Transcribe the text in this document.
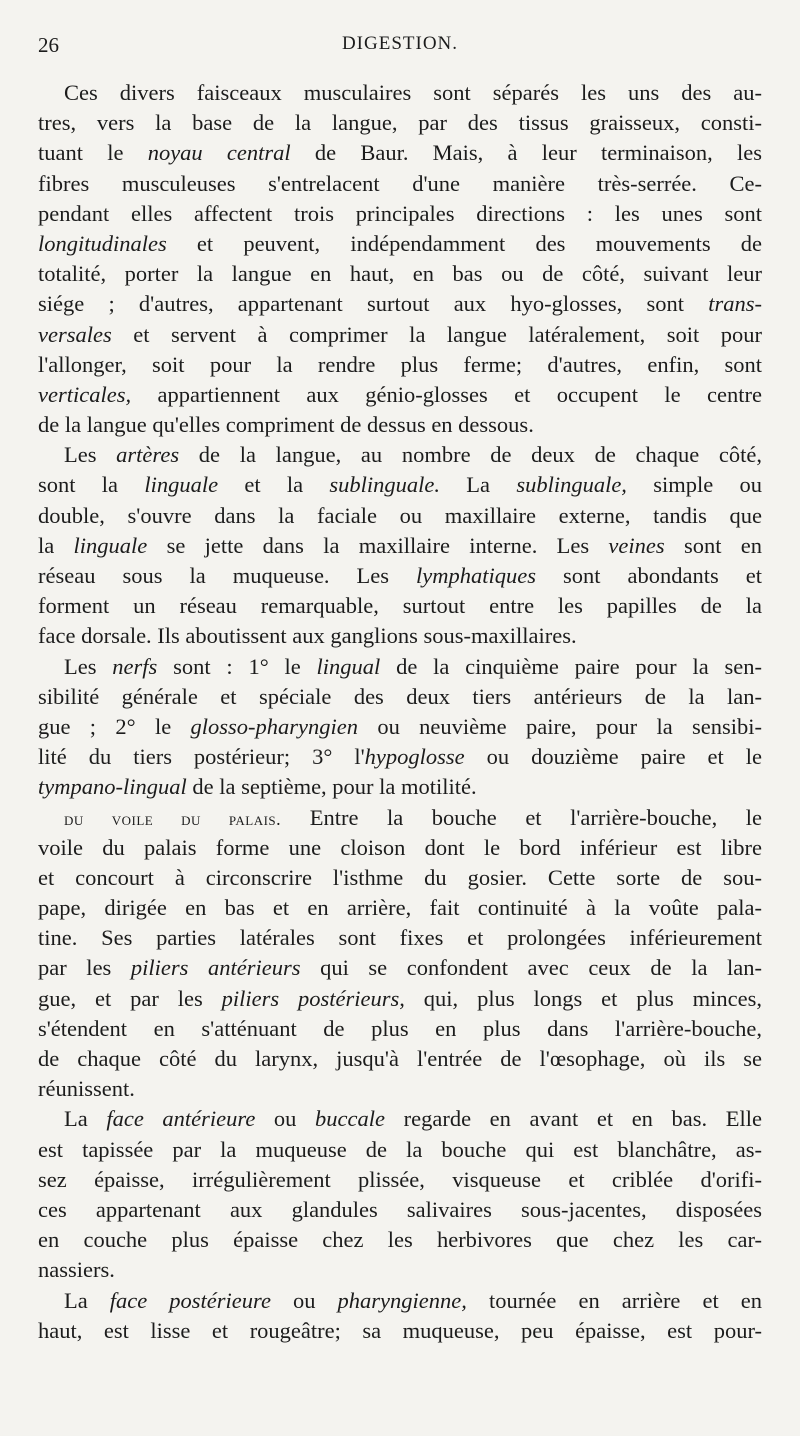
26	DIGESTION.
Ces divers faisceaux musculaires sont séparés les uns des au-
tres, vers la base de la langue, par des tissus graisseux, consti-
tuant le noyau central de Baur. Mais, à leur terminaison, les
fibres musculeuses s'entrelacent d'une manière très-serrée. Ce-
pendant elles affectent trois principales directions : les unes sont
longitudinales et peuvent, indépendamment des mouvements de
totalité, porter la langue en haut, en bas ou de côté, suivant leur
siége ; d'autres, appartenant surtout aux hyo-glosses, sont trans-
versales et servent à comprimer la langue latéralement, soit pour
l'allonger, soit pour la rendre plus ferme; d'autres, enfin, sont
verticales, appartiennent aux génio-glosses et occupent le centre
de la langue qu'elles compriment de dessus en dessous.
Les artères de la langue, au nombre de deux de chaque côté,
sont la linguale et la sublinguale. La sublinguale, simple ou
double, s'ouvre dans la faciale ou maxillaire externe, tandis que
la linguale se jette dans la maxillaire interne. Les veines sont en
réseau sous la muqueuse. Les lymphatiques sont abondants et
forment un réseau remarquable, surtout entre les papilles de la
face dorsale. Ils aboutissent aux ganglions sous-maxillaires.
Les nerfs sont : 1° le lingual de la cinquième paire pour la sen-
sibilité générale et spéciale des deux tiers antérieurs de la lan-
gue ; 2° le glosso-pharyngien ou neuvième paire, pour la sensibi-
lité du tiers postérieur; 3° l'hypoglosse ou douzième paire et le
tympano-lingual de la septième, pour la motilité.
du voile du palais. Entre la bouche et l'arrière-bouche, le
voile du palais forme une cloison dont le bord inférieur est libre
et concourt à circonscrire l'isthme du gosier. Cette sorte de sou-
pape, dirigée en bas et en arrière, fait continuité à la voûte pala-
tine. Ses parties latérales sont fixes et prolongées inférieurement
par les piliers antérieurs qui se confondent avec ceux de la lan-
gue, et par les piliers postérieurs, qui, plus longs et plus minces,
s'étendent en s'atténuant de plus en plus dans l'arrière-bouche,
de chaque côté du larynx, jusqu'à l'entrée de l'œsophage, où ils se
réunissent.
La face antérieure ou buccale regarde en avant et en bas. Elle
est tapissée par la muqueuse de la bouche qui est blanchâtre, as-
sez épaisse, irrégulièrement plissée, visqueuse et criblée d'orifi-
ces appartenant aux glandules salivaires sous-jacentes, disposées
en couche plus épaisse chez les herbivores que chez les car-
nassiers.
La face postérieure ou pharyngienne, tournée en arrière et en
haut, est lisse et rougeâtre; sa muqueuse, peu épaisse, est pour-
